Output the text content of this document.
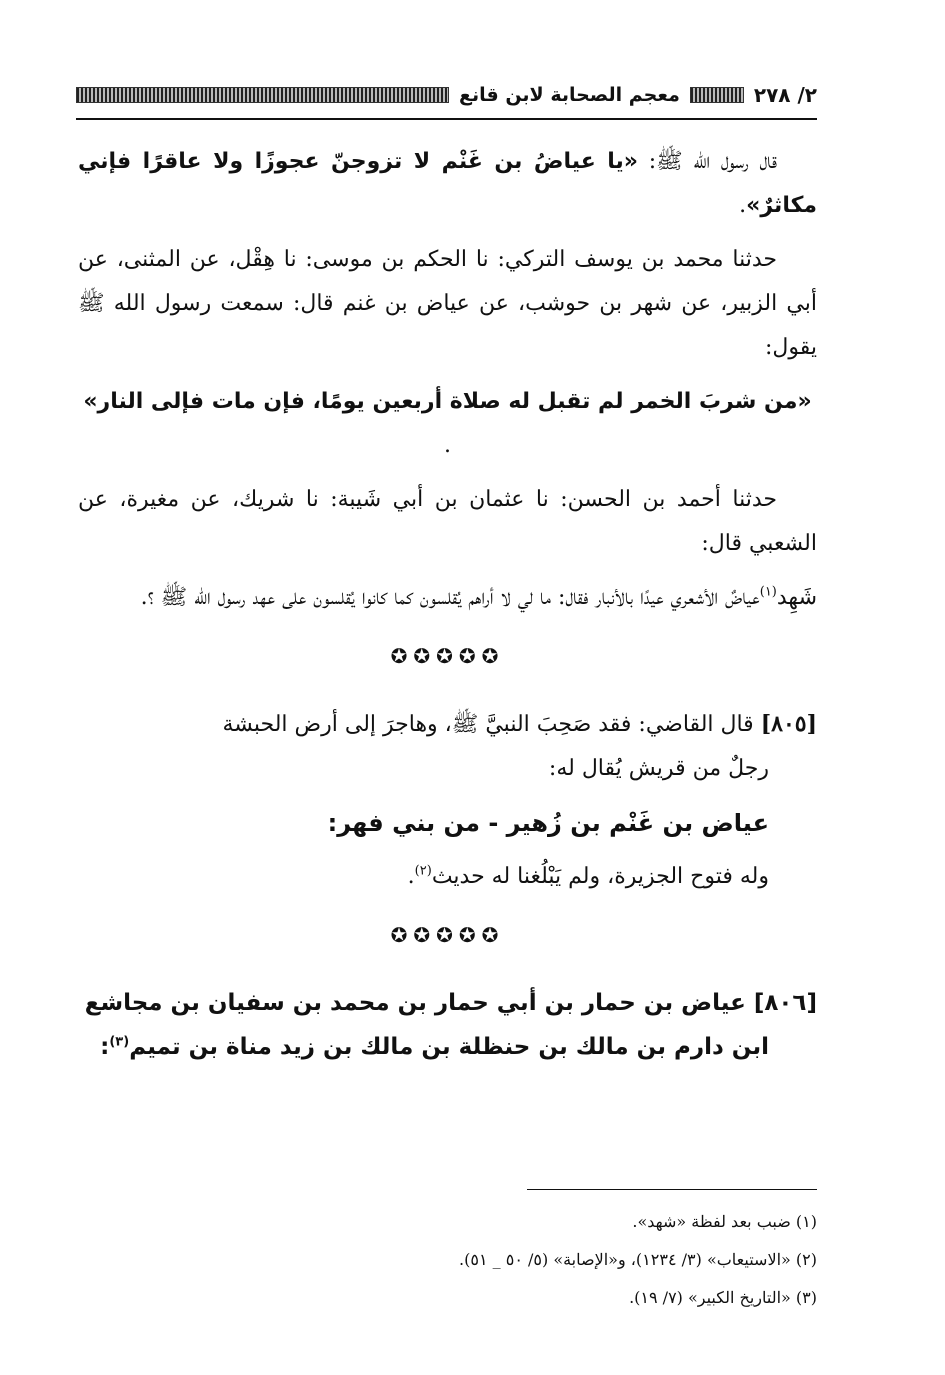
٢/ ٢٧٨
معجم الصحابة لابن قانع

قال رسول الله ﷺ: «يا عياضُ بن غَنْم لا تزوجنّ عجوزًا ولا عاقرًا فإني مكاثرٌ».

حدثنا محمد بن يوسف التركي: نا الحكم بن موسى: نا هِقْل، عن المثنى، عن أبي الزبير، عن شهر بن حوشب، عن عياض بن غنم قال: سمعت رسول الله ﷺ يقول:

«من شربَ الخمر لم تقبل له صلاة أربعين يومًا، فإن مات فإلى النار» .

حدثنا أحمد بن الحسن: نا عثمان بن أبي شَيبة: نا شريك، عن مغيرة، عن الشعبي قال:

شَهِد$^{(١)}$عياضٌ الأشعري عيدًا بالأنبار فقال: ما لي لا أراهم يُقلسون كما كانوا يُقلسون على عهد رسول الله ﷺ ؟.

✪✪✪✪✪

[٨٠٥] قال القاضي: فقد صَحِبَ النبيَّ ﷺ، وهاجرَ إلى أرض الحبشة

رجلٌ من قريش يُقال له:

عياض بن غَنْم بن زُهير - من بني فهر:

وله فتوح الجزيرة، ولم يَبْلُغنا له حديث$^{(٢)}$.

✪✪✪✪✪

[٨٠٦] عياض بن حمار بن أبي حمار بن محمد بن سفيان بن مجاشع

ابن دارم بن مالك بن حنظلة بن مالك بن زيد مناة بن تميم$^{(٣)}$:

(١) ضبب بعد لفظة «شهد».

(٢) «الاستيعاب» (٣/ ١٢٣٤)، و«الإصابة» (٥/ ٥٠ _ ٥١).

(٣) «التاريخ الكبير» (٧/ ١٩).
